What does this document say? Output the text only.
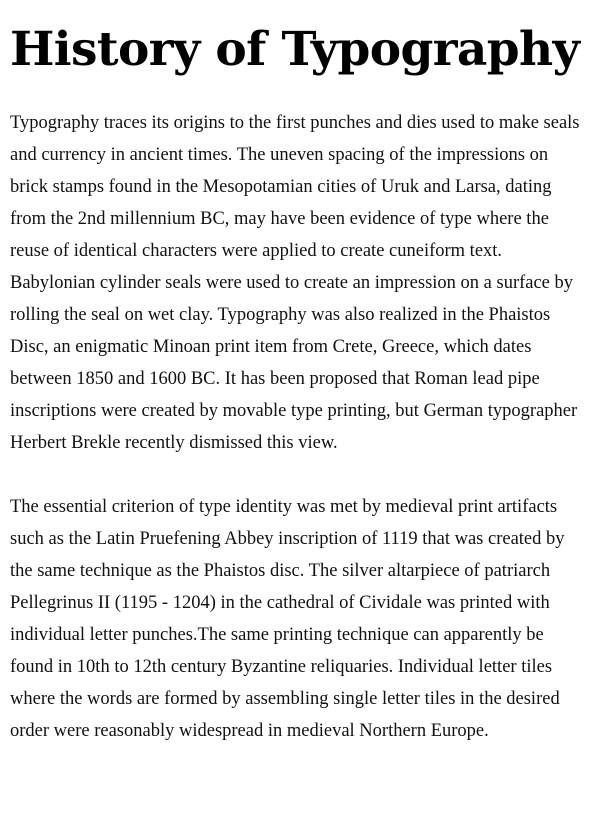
History of Typography

Typography traces its origins to the first punches and dies used to make seals and currency in ancient times. The uneven spacing of the impressions on brick stamps found in the Mesopotamian cities of Uruk and Larsa, dating from the 2nd millennium BC, may have been evidence of type where the reuse of identical characters were applied to create cuneiform text. Babylonian cylinder seals were used to create an impression on a surface by rolling the seal on wet clay. Typography was also realized in the Phaistos Disc, an enigmatic Minoan print item from Crete, Greece, which dates between 1850 and 1600 BC. It has been proposed that Roman lead pipe inscriptions were created by movable type printing, but German typographer Herbert Brekle recently dismissed this view.

The essential criterion of type identity was met by medieval print artifacts such as the Latin Pruefening Abbey inscription of 1119 that was created by the same technique as the Phaistos disc. The silver altarpiece of patriarch Pellegrinus II (1195 - 1204) in the cathedral of Cividale was printed with individual letter punches.The same printing technique can apparently be found in 10th to 12th century Byzantine reliquaries. Individual letter tiles where the words are formed by assembling single letter tiles in the desired order were reasonably widespread in medieval Northern Europe.
